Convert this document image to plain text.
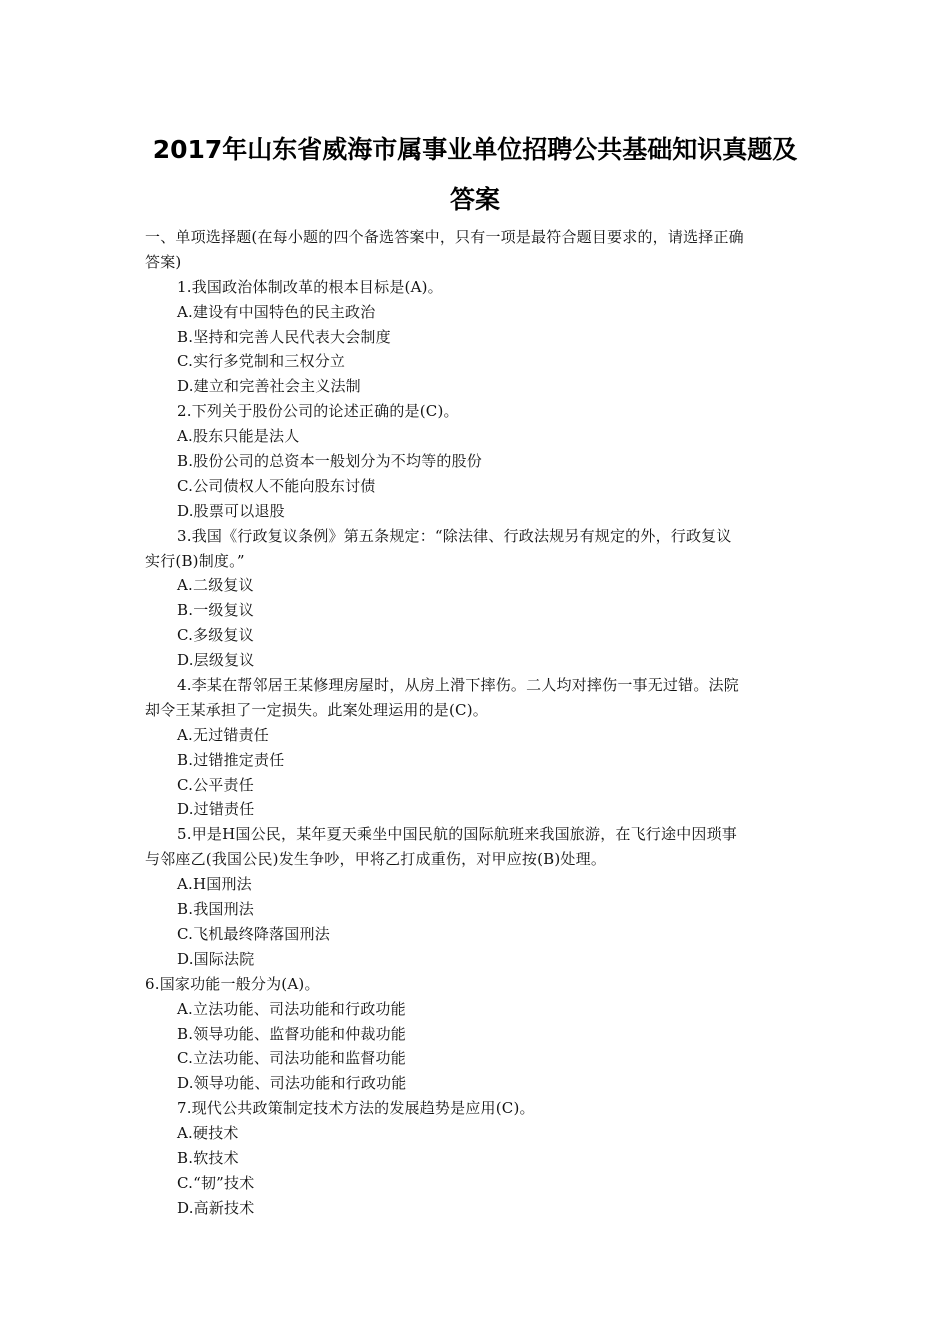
2017年山东省威海市属事业单位招聘公共基础知识真题及
答案
一、单项选择题(在每小题的四个备选答案中，只有一项是最符合题目要求的，请选择正确
答案)
1.我国政治体制改革的根本目标是(A)。
A.建设有中国特色的民主政治
B.坚持和完善人民代表大会制度
C.实行多党制和三权分立
D.建立和完善社会主义法制
2.下列关于股份公司的论述正确的是(C)。
A.股东只能是法人
B.股份公司的总资本一般划分为不均等的股份
C.公司债权人不能向股东讨债
D.股票可以退股
3.我国《行政复议条例》第五条规定：“除法律、行政法规另有规定的外，行政复议
实行(B)制度。”
A.二级复议
B.一级复议
C.多级复议
D.层级复议
4.李某在帮邻居王某修理房屋时，从房上滑下摔伤。二人均对摔伤一事无过错。法院
却令王某承担了一定损失。此案处理运用的是(C)。
A.无过错责任
B.过错推定责任
C.公平责任
D.过错责任
5.甲是H国公民，某年夏天乘坐中国民航的国际航班来我国旅游，在飞行途中因琐事
与邻座乙(我国公民)发生争吵，甲将乙打成重伤，对甲应按(B)处理。
A.H国刑法
B.我国刑法
C.飞机最终降落国刑法
D.国际法院
6.国家功能一般分为(A)。
A.立法功能、司法功能和行政功能
B.领导功能、监督功能和仲裁功能
C.立法功能、司法功能和监督功能
D.领导功能、司法功能和行政功能
7.现代公共政策制定技术方法的发展趋势是应用(C)。
A.硬技术
B.软技术
C.“韧”技术
D.高新技术
